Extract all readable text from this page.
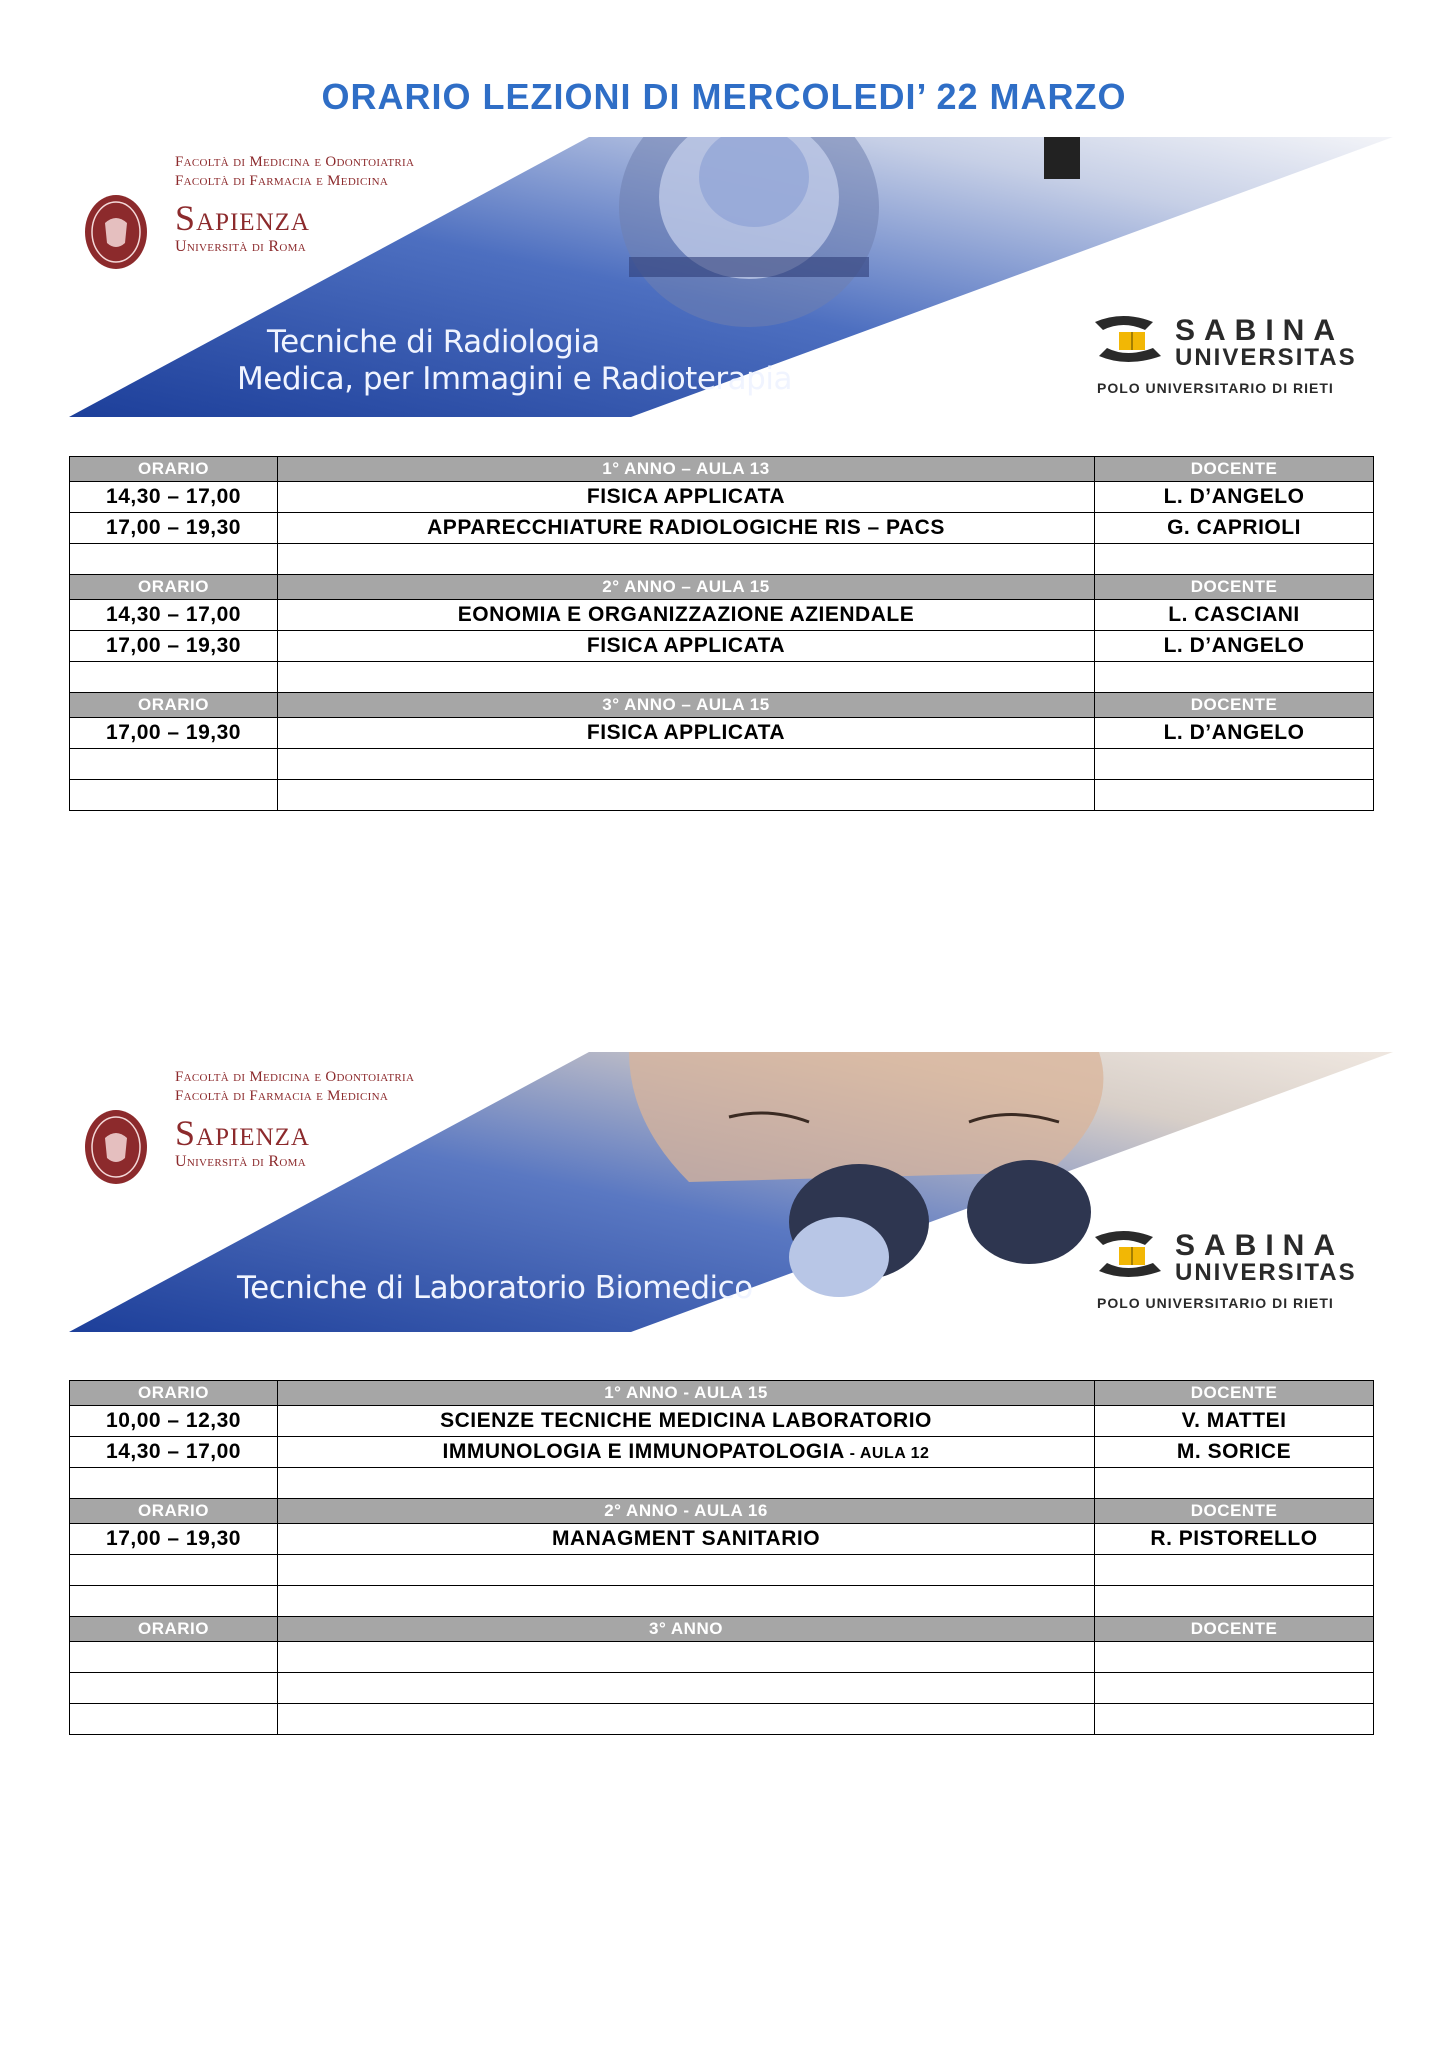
ORARIO LEZIONI DI MERCOLEDI’ 22 MARZO
Facoltà di Medicina e Odontoiatria
Facoltà di Farmacia e Medicina
Sapienza
Università di Roma
Tecniche di Radiologia
Medica, per Immagini e Radioterapia
SABINA
UNIVERSITAS
POLO UNIVERSITARIO DI RIETI
ORARIO	1° ANNO – AULA 13	DOCENTE
14,30 – 17,00	FISICA APPLICATA	L. D’ANGELO
17,00 – 19,30	APPARECCHIATURE RADIOLOGICHE RIS – PACS	G. CAPRIOLI

ORARIO	2° ANNO – AULA 15	DOCENTE
14,30 – 17,00	EONOMIA E ORGANIZZAZIONE AZIENDALE	L. CASCIANI
17,00 – 19,30	FISICA APPLICATA	L. D’ANGELO

ORARIO	3° ANNO – AULA 15	DOCENTE
17,00 – 19,30	FISICA APPLICATA	L. D’ANGELO

Facoltà di Medicina e Odontoiatria
Facoltà di Farmacia e Medicina
Sapienza
Università di Roma
Tecniche di Laboratorio Biomedico
SABINA
UNIVERSITAS
POLO UNIVERSITARIO DI RIETI
ORARIO	1° ANNO - AULA 15	DOCENTE
10,00 – 12,30	SCIENZE TECNICHE MEDICINA LABORATORIO	V. MATTEI
14,30 – 17,00	IMMUNOLOGIA E IMMUNOPATOLOGIA - AULA 12	M. SORICE

ORARIO	2° ANNO - AULA 16	DOCENTE
17,00 – 19,30	MANAGMENT SANITARIO	R. PISTORELLO

ORARIO	3° ANNO	DOCENTE
